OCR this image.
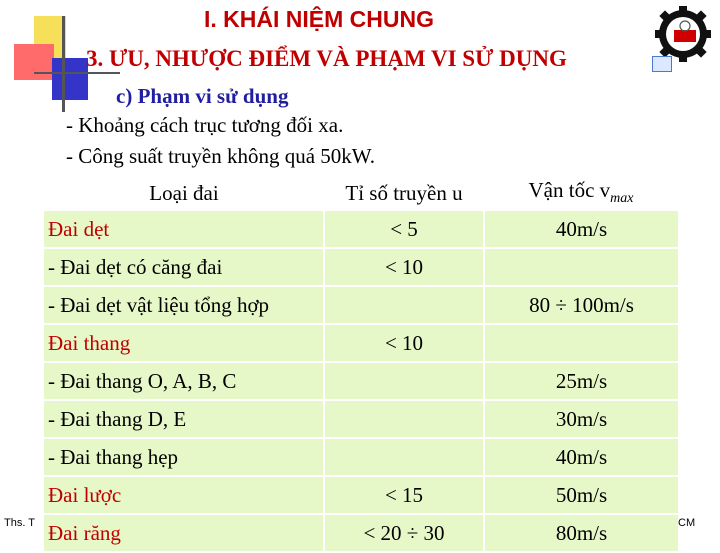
I. KHÁI NIỆM CHUNG
3. ƯU, NHƯỢC ĐIỂM VÀ PHẠM VI SỬ DỤNG
c) Phạm vi sử dụng
- Khoảng cách trục tương đối xa.
- Công suất truyền không quá 50kW.
Loại đai	Tỉ số truyền u	Vận tốc $v_{max}$
Đai dẹt	< 5	40m/s
- Đai dẹt có căng đai	< 10	
- Đai dẹt vật liệu tổng hợp		80 ÷ 100m/s
Đai thang	< 10	
- Đai thang O, A, B, C		25m/s
- Đai thang D, E		30m/s
- Đai thang hẹp		40m/s
Đai lược	< 15	50m/s
Đai răng	< 20 ÷ 30	80m/s
Ths. T	CM
